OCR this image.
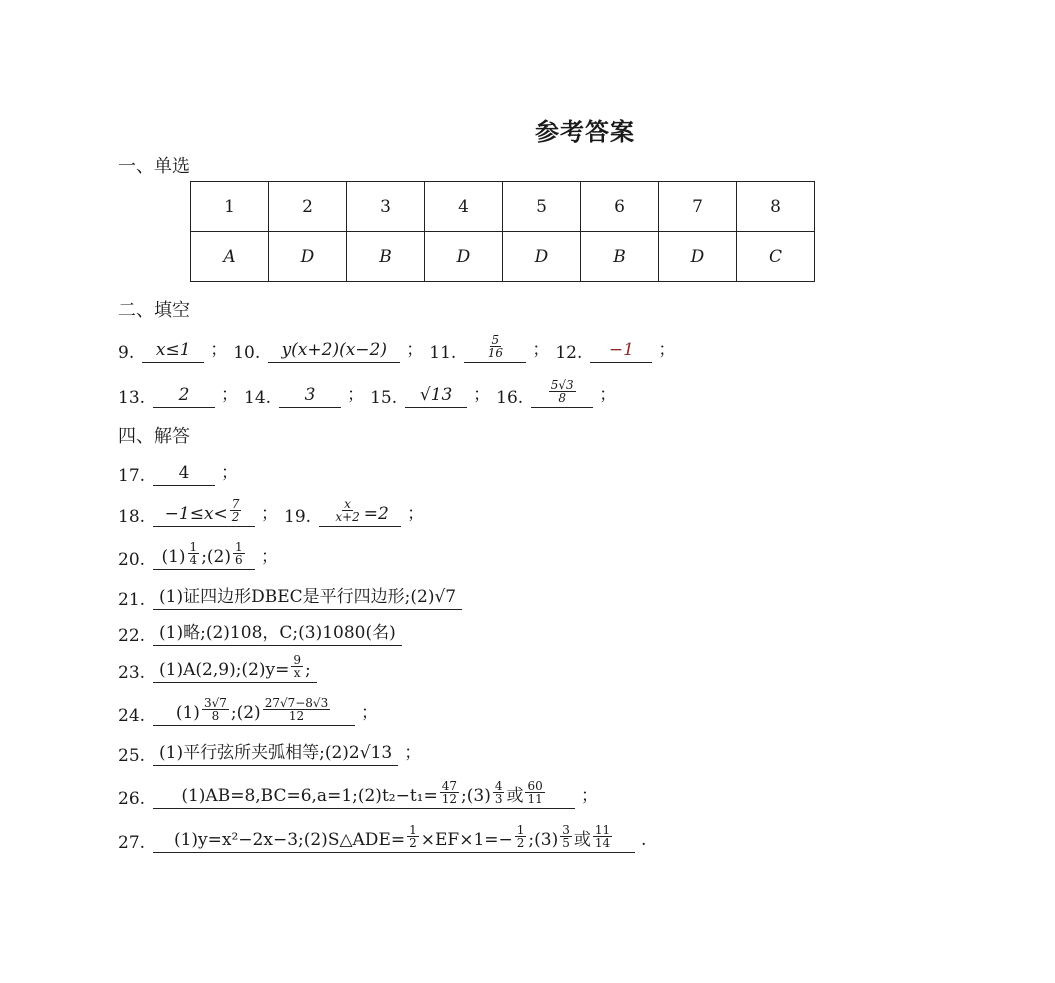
参考答案
一、单选
1	2	3	4	5	6	7	8
A	D	B	D	D	B	D	C
二、填空
9.	x≤1	； 10.	y(x+2)(x−2)	； 11. $\frac{5}{16}$ ； 12.	−1	；
13.	2	； 14.	3	； 15.	√13	； 16. $\frac{5√3}{8}$ ；
四、解答
17.	4	；
18. $-1\le x< \frac{7}{2}$ ； 19. $\frac{x}{x+2} =2$ ；
20. $(1) \frac{1}{4}$ ;(2) $\frac{1}{6}$ ；
21. (1)证四边形DBEC是平行四边形;(2)√7
22. (1)略;(2)108，C;(3)1080(名)
23. (1)A(2,9);(2)y= $\frac{9}{x}$ ;
24. $(1) \frac{3√7}{8}$ ;(2) $\frac{27√7-8√3}{12}$ ；
25. (1)平行弦所夹弧相等;(2)2√13 ；
26. (1)AB=8,BC=6,a=1;(2)t₂−t₁= $\frac{47}{12}$ ;(3) $\frac{4}{3}$ 或 $\frac{60}{11}$ ；
27. (1)y=x²−2x−3;(2)S△ADE= $\frac{1}{2} \times EF\times 1=- \frac{1}{2}$ ;(3) $\frac{3}{5}$ 或 $\frac{11}{14}$ .
